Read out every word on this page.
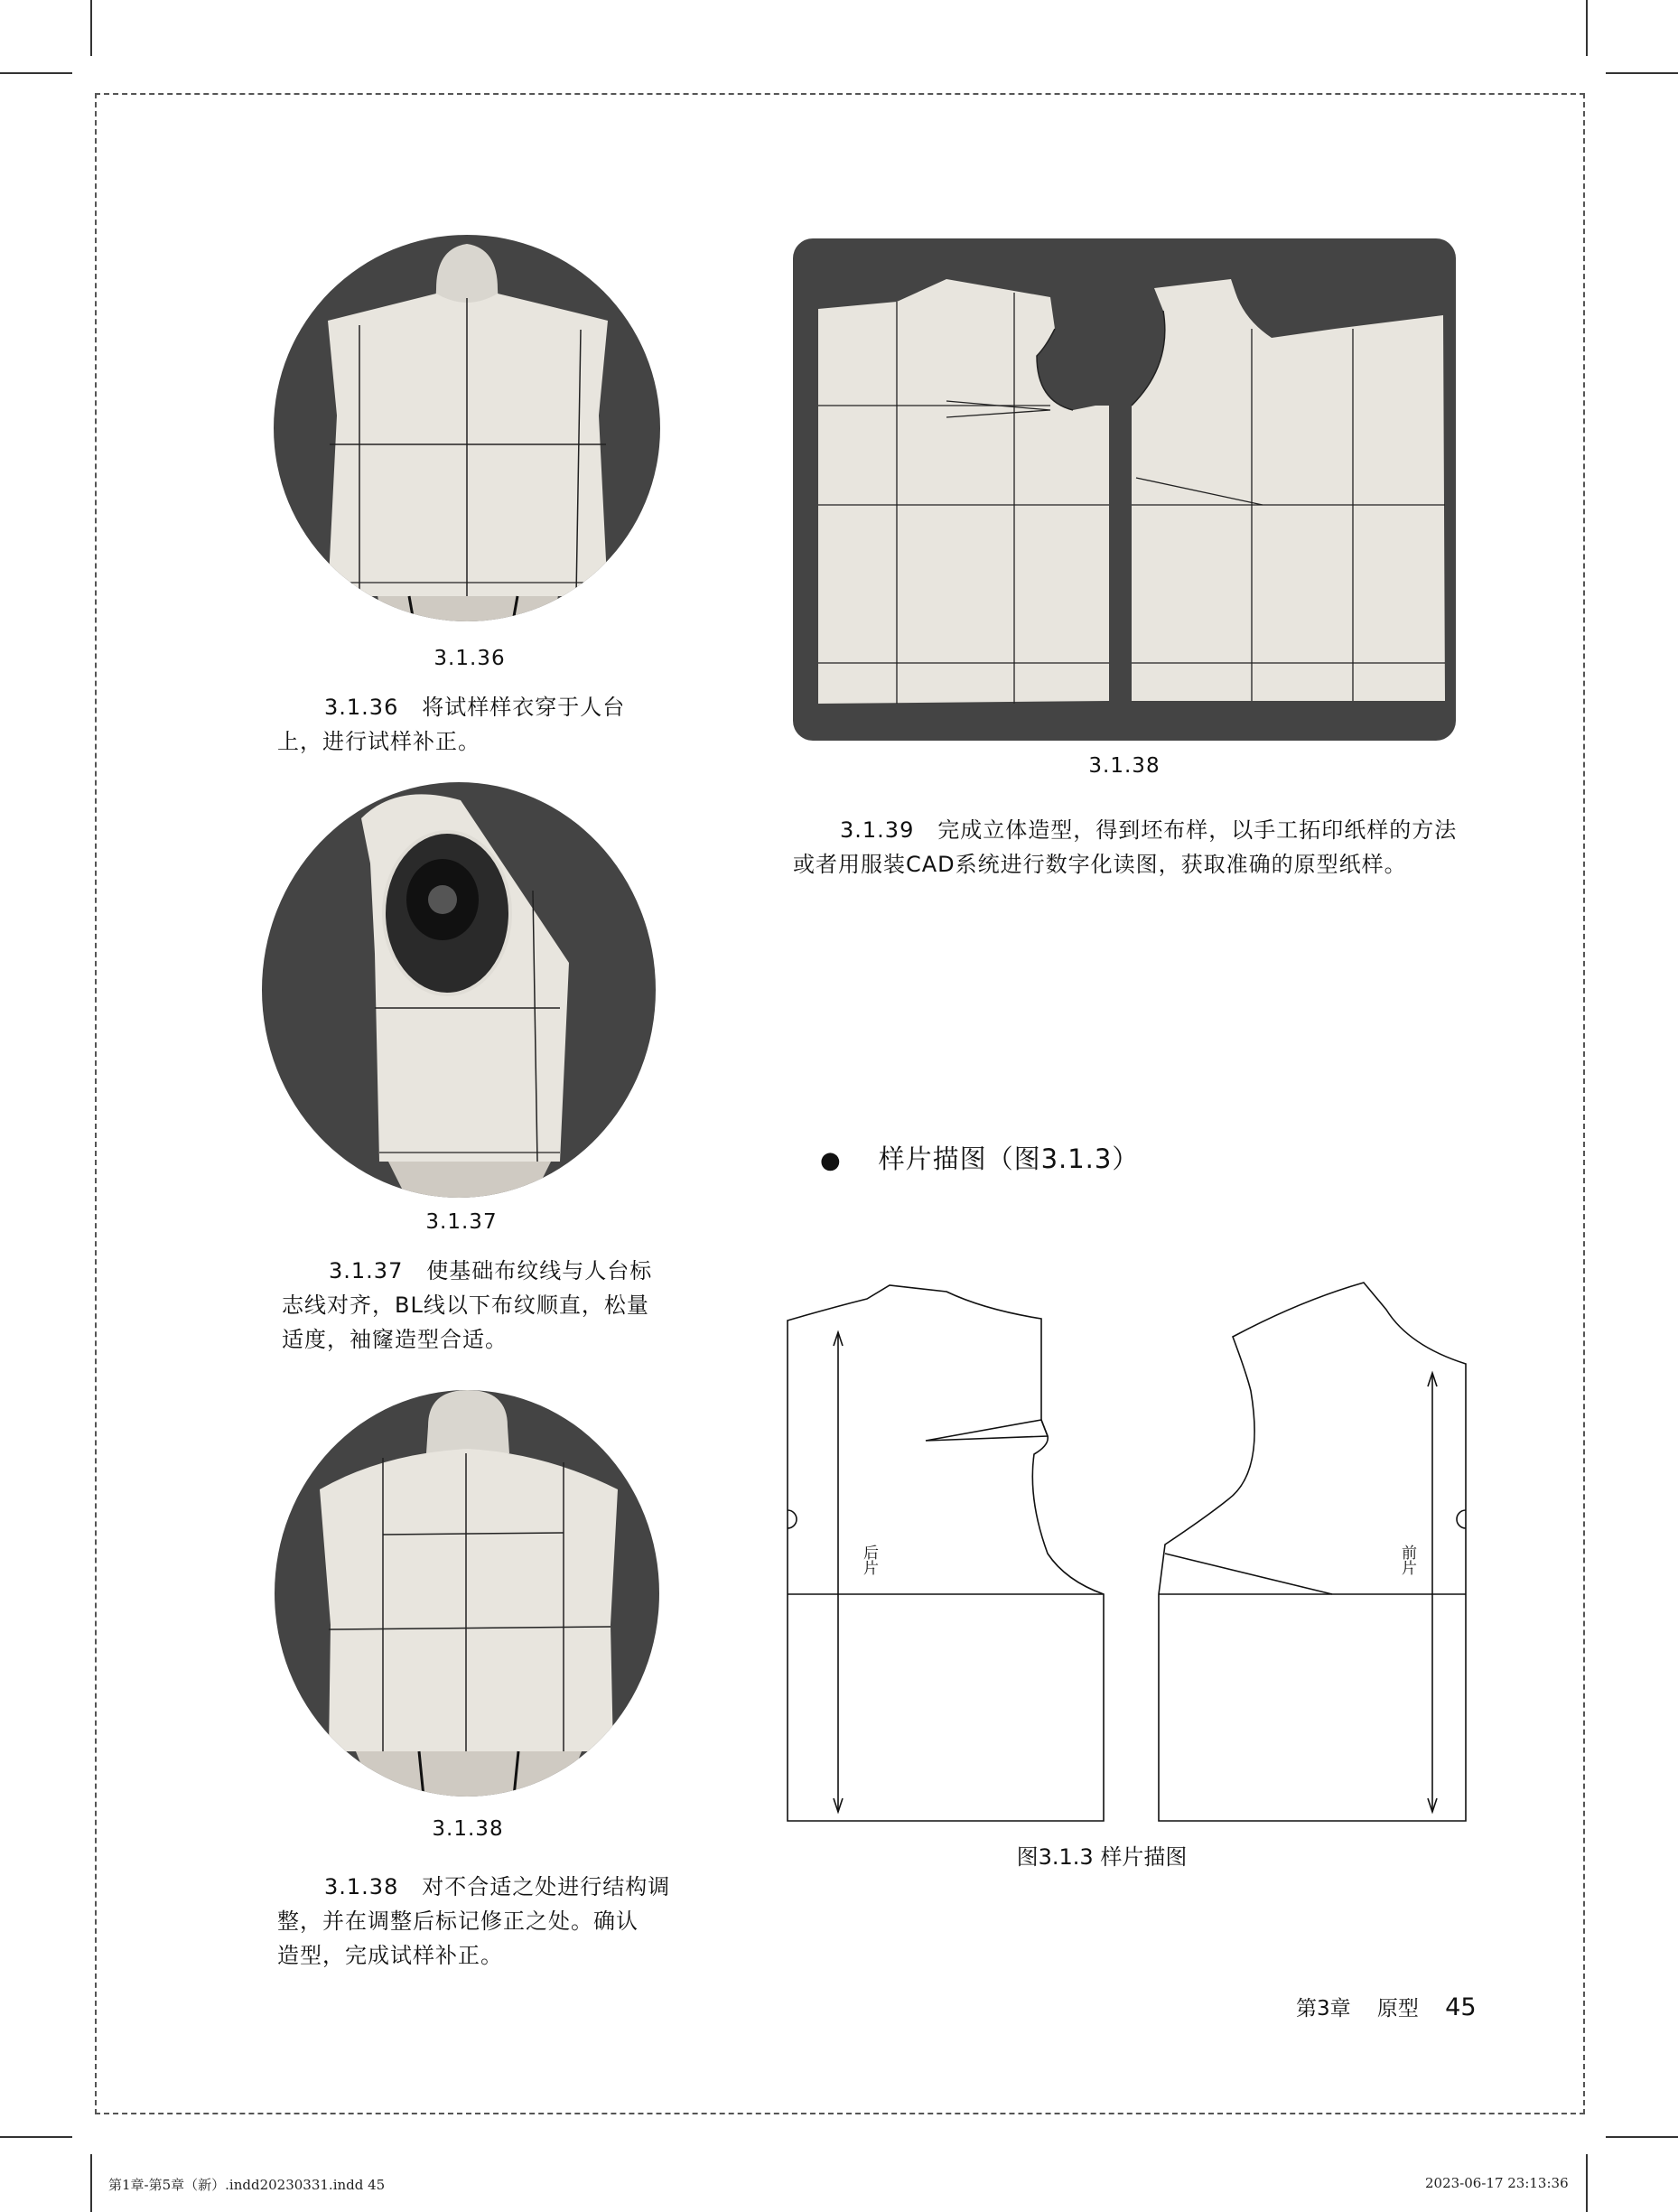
3.1.36
3.1.36 将试样样衣穿于人台
上，进行试样补正。
3.1.37
3.1.37 使基础布纹线与人台标
志线对齐，BL线以下布纹顺直，松量
适度，袖窿造型合适。
3.1.38
3.1.38 对不合适之处进行结构调
整，并在调整后标记修正之处。确认
造型，完成试样补正。
3.1.38
3.1.39 完成立体造型，得到坯布样，以手工拓印纸样的方法
或者用服装CAD系统进行数字化读图，获取准确的原型纸样。
● 样片描图（图3.1.3）
后片	前片
图3.1.3 样片描图
第3章 原型 45
第1章-第5章（新）.indd20230331.indd 45	2023-06-17 23:13:36
